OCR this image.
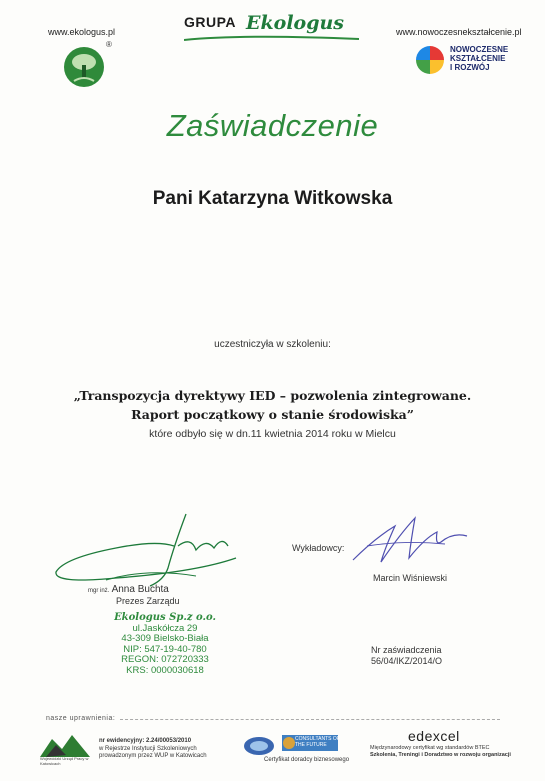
www.ekologus.pl	www.nowoczesnekształcenie.pl
GRUPA Ekologus
®
NOWOCZESNE
KSZTAŁCENIE
I ROZWÓJ
Zaświadczenie
Pani Katarzyna Witkowska
uczestniczyła w szkoleniu:
„Transpozycja dyrektywy IED – pozwolenia zintegrowane.
Raport początkowy o stanie środowiska”
które odbyło się w dn.11 kwietnia 2014 roku w Mielcu
mgr inż. Anna Buchta
Prezes Zarządu
Ekologus Sp.z o.o.
ul.Jaskółcza 29
43-309 Bielsko-Biała
NIP: 547-19-40-780
REGON: 072720333
KRS: 0000030618
Wykładowcy:
Marcin Wiśniewski
Nr zaświadczenia
56/04/IKZ/2014/O
nasze uprawnienia:
Wojewódzki Urząd Pracy w Katowicach
nr ewidencyjny: 2.24/00053/2010
w Rejestrze Instytucji Szkoleniowych
prowadzonym przez WUP w Katowicach
CONSULTANTS OF THE FUTURE
Certyfikat doradcy biznesowego
edexcel
Międzynarodowy certyfikat wg standardów BTEC
Szkolenia, Treningi i Doradztwo w rozwoju organizacji
